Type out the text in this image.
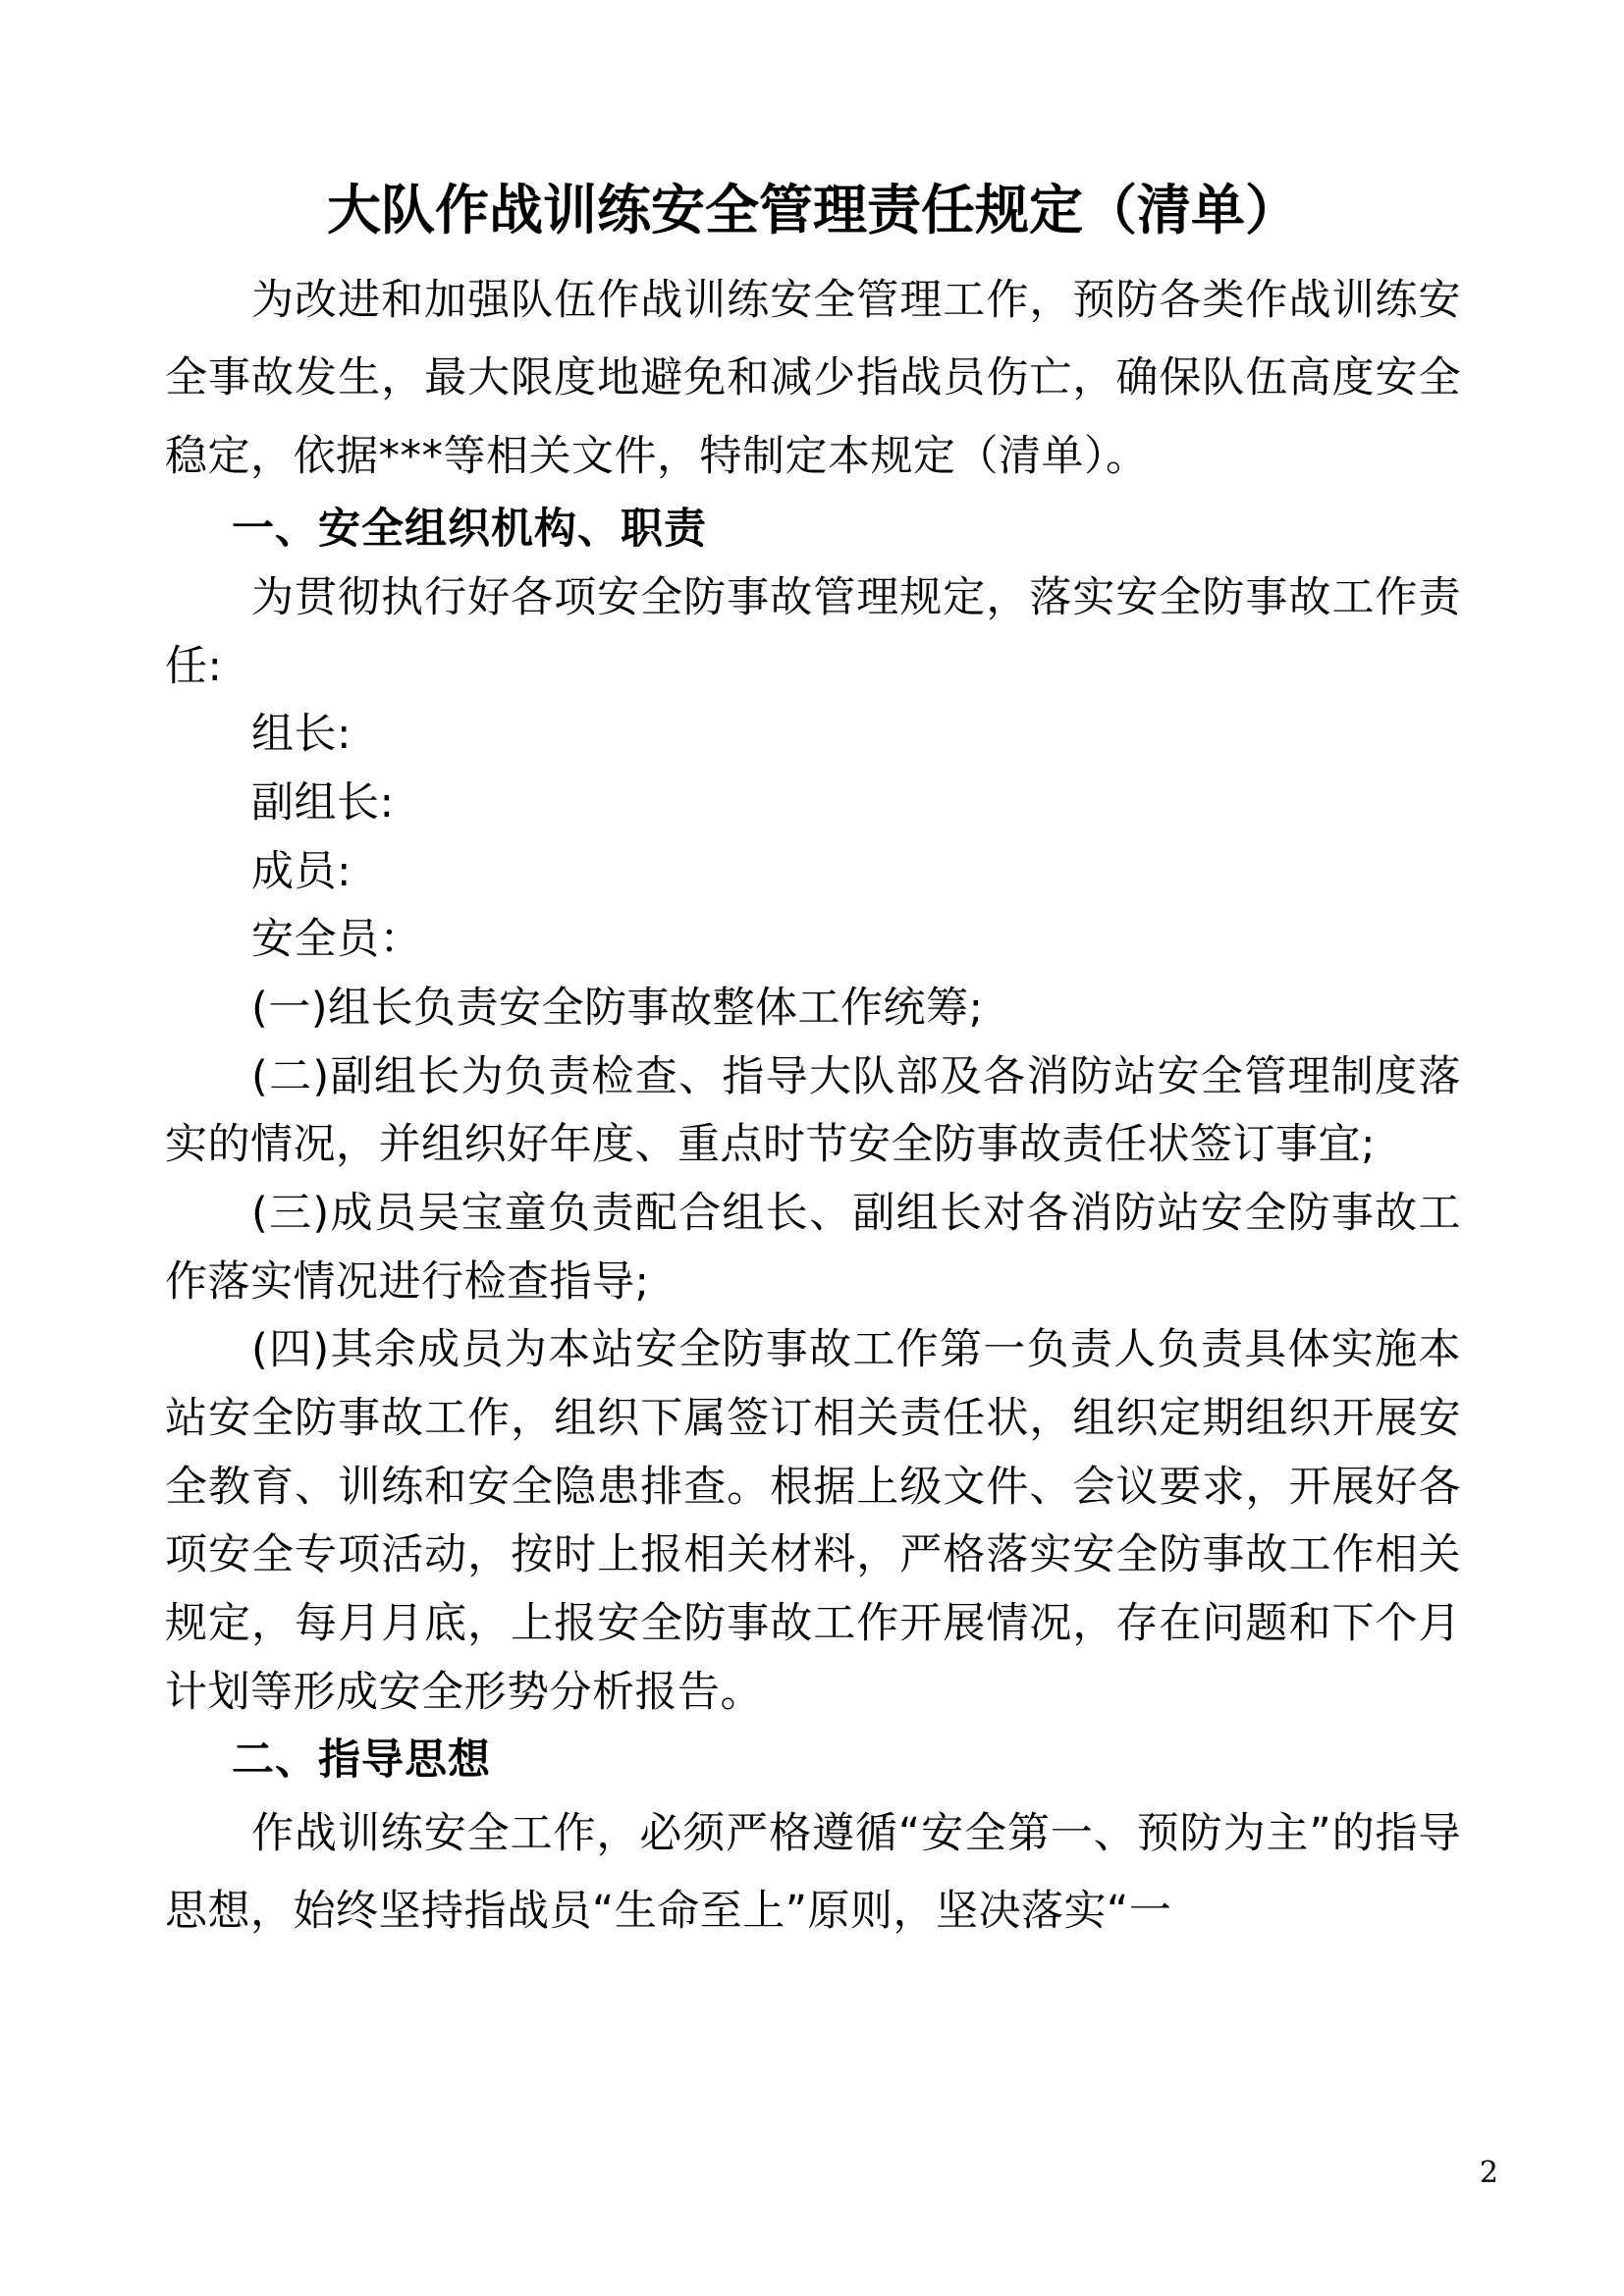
大队作战训练安全管理责任规定（清单）

为改进和加强队伍作战训练安全管理工作，预防各类作战训练安全事故发生，最大限度地避免和减少指战员伤亡，确保队伍高度安全稳定，依据***等相关文件，特制定本规定（清单）。

一、安全组织机构、职责

为贯彻执行好各项安全防事故管理规定，落实安全防事故工作责任:

组长:

副组长:

成员:

安全员：

(一)组长负责安全防事故整体工作统筹;

(二)副组长为负责检查、指导大队部及各消防站安全管理制度落实的情况，并组织好年度、重点时节安全防事故责任状签订事宜;

(三)成员吴宝童负责配合组长、副组长对各消防站安全防事故工作落实情况进行检查指导;

(四)其余成员为本站安全防事故工作第一负责人负责具体实施本站安全防事故工作，组织下属签订相关责任状，组织定期组织开展安全教育、训练和安全隐患排查。根据上级文件、会议要求，开展好各项安全专项活动，按时上报相关材料，严格落实安全防事故工作相关规定，每月月底，上报安全防事故工作开展情况，存在问题和下个月计划等形成安全形势分析报告。

二、指导思想

作战训练安全工作，必须严格遵循“安全第一、预防为主”的指导思想，始终坚持指战员“生命至上”原则，坚决落实“一

2
